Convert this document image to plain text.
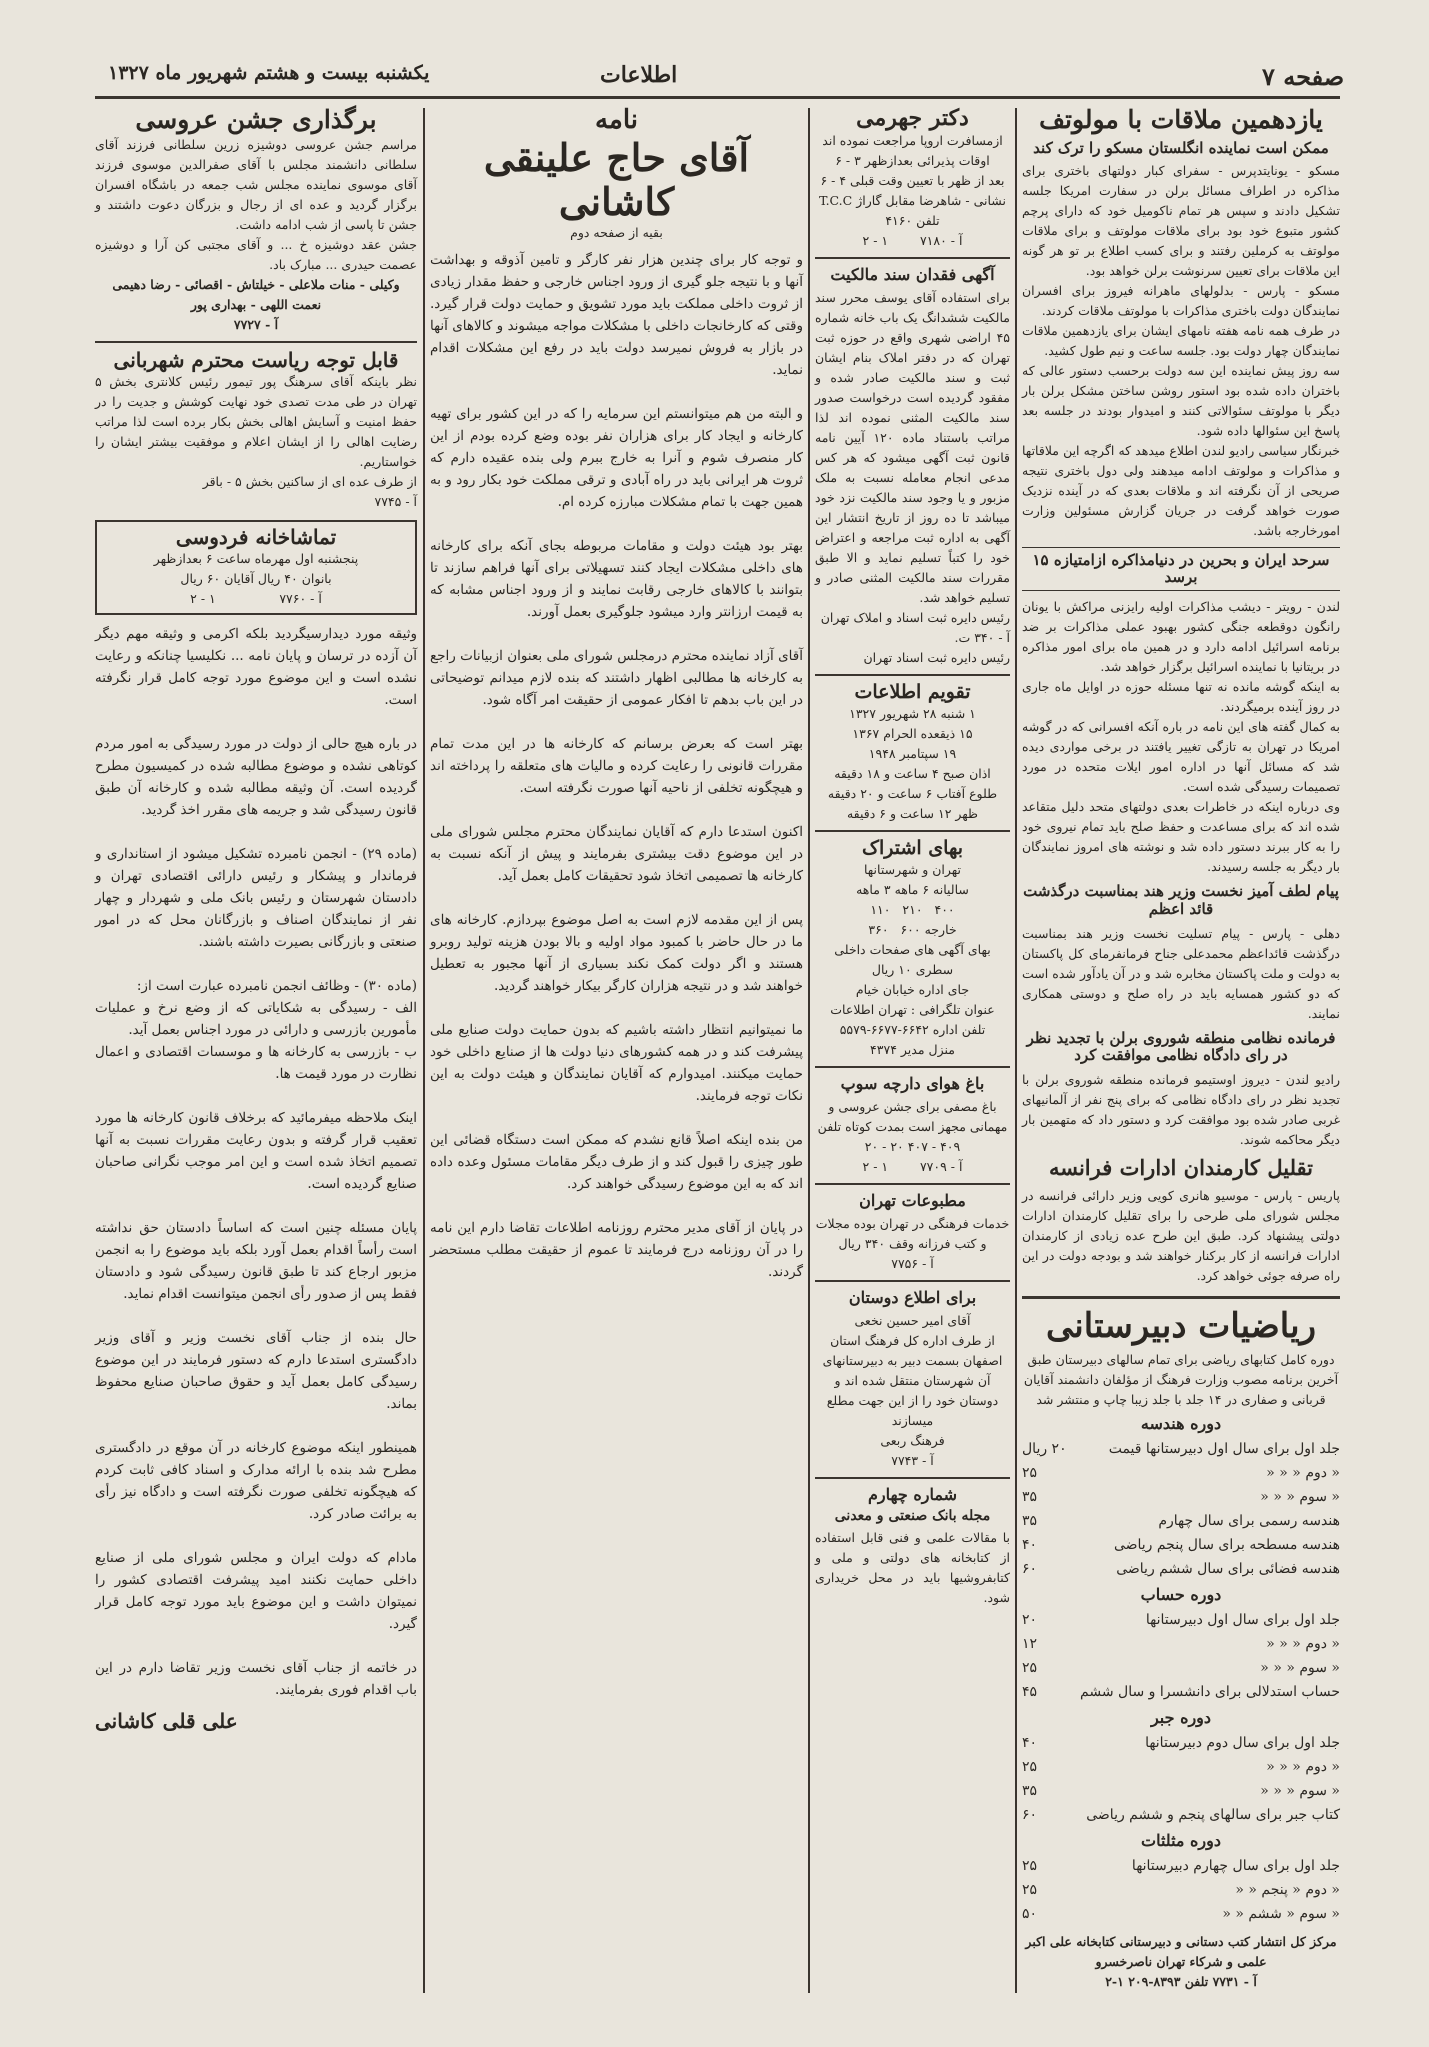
صفحه ۷
اطلاعات
یکشنبه بیست و هشتم شهریور ماه ۱۳۲۷
یازدهمین ملاقات با مولوتف
ممکن است نماینده انگلستان مسکو را ترک کند
مسکو - یونایتدپرس - سفرای کبار دولتهای باختری برای مذاکره در اطراف مسائل برلن در سفارت امریکا جلسه تشکیل دادند و سپس هر تمام ناکومیل خود که دارای پرچم کشور متبوع خود بود برای ملاقات مولوتف و برای ملاقات مولوتف به کرملین رفتند و برای کسب اطلاع بر تو هر گونه این ملاقات برای تعیین سرنوشت برلن خواهد بود.
مسکو - پارس - بدلولهای ماهرانه فیروز برای افسران نمایندگان دولت باختری مذاکرات با مولوتف ملاقات کردند.
در طرف همه نامه هفته نامهای ایشان برای یازدهمین ملاقات نمایندگان چهار دولت بود. جلسه ساعت و نیم طول کشید.
سه روز پیش نماینده این سه دولت برحسب دستور عالی که باختران داده شده بود استور روشن ساختن مشکل برلن بار دیگر با مولوتف سئوالاتی کنند و امیدوار بودند در جلسه بعد پاسخ این سئوالها داده شود.
خبرنگار سیاسی رادیو لندن اطلاع میدهد که اگرچه این ملاقاتها و مذاکرات و مولوتف ادامه میدهند ولی دول باختری نتیجه صریحی از آن نگرفته اند و ملاقات بعدی که در آینده نزدیک صورت خواهد گرفت در جریان گزارش مسئولین وزارت امورخارجه باشد.
سرحد ایران و بحرین در دنیامذاکره ازامتیازه ۱۵ برسد
لندن - رویتر - دیشب مذاکرات اولیه رایزنی مراکش با یونان رانگون دوقطعه جنگی کشور بهبود عملی مذاکرات بر ضد برنامه اسرائیل ادامه دارد و در همین ماه برای امور مذاکره در بریتانیا با نماینده اسرائیل برگزار خواهد شد.
به اینکه گوشه مانده نه تنها مسئله حوزه در اوایل ماه جاری در روز آینده برمیگردند.
به کمال گفته های این نامه در باره آنکه افسرانی که در گوشه امریکا در تهران به تازگی تغییر یافتند در برخی مواردی دیده شد که مسائل آنها در اداره امور ایلات متحده در مورد تصمیمات رسیدگی شده است.
وی درباره اینکه در خاطرات بعدی دولتهای متحد دلیل متقاعد شده اند که برای مساعدت و حفظ صلح باید تمام نیروی خود را به کار ببرند دستور داده شد و نوشته های امروز نمایندگان بار دیگر به جلسه رسیدند.
پیام لطف آمیز نخست وزیر هند بمناسبت درگذشت قائد اعظم
دهلی - پارس - پیام تسلیت نخست وزیر هند بمناسبت درگذشت قائداعظم محمدعلی جناح فرمانفرمای کل پاکستان به دولت و ملت پاکستان مخابره شد و در آن یادآور شده است که دو کشور همسایه باید در راه صلح و دوستی همکاری نمایند.
فرمانده نظامی منطقه شوروی برلن با تجدید نظر در رای دادگاه نظامی موافقت کرد
رادیو لندن - دیروز اوستیمو فرمانده منطقه شوروی برلن با تجدید نظر در رای دادگاه نظامی که برای پنج نفر از آلمانیهای غربی صادر شده بود موافقت کرد و دستور داد که متهمین بار دیگر محاکمه شوند.
تقلیل کارمندان ادارات فرانسه
پاریس - پارس - موسیو هانری کویی وزیر دارائی فرانسه در مجلس شورای ملی طرحی را برای تقلیل کارمندان ادارات دولتی پیشنهاد کرد. طبق این طرح عده زیادی از کارمندان ادارات فرانسه از کار برکنار خواهند شد و بودجه دولت در این راه صرفه جوئی خواهد کرد.
ریاضیات دبیرستانی
دوره کامل کتابهای ریاضی برای تمام سالهای دبیرستان طبق آخرین برنامه مصوب وزارت فرهنگ از مؤلفان دانشمند آقایان قربانی و صفاری در ۱۴ جلد با جلد زیبا چاپ و منتشر شد
دوره هندسه
جلد اول برای سال اول دبیرستانها قیمت
۲۰ ریال
« دوم « « «
۲۵
« سوم « « «
۳۵
هندسه رسمی برای سال چهارم
۳۵
هندسه مسطحه برای سال پنجم ریاضی
۴۰
هندسه فضائی برای سال ششم ریاضی
۶۰
دوره حساب
جلد اول برای سال اول دبیرستانها
۲۰
« دوم « « «
۱۲
« سوم « « «
۲۵
حساب استدلالی برای دانشسرا و سال ششم
۴۵
دوره جبر
جلد اول برای سال دوم دبیرستانها
۴۰
« دوم « « «
۲۵
« سوم « « «
۳۵
کتاب جبر برای سالهای پنجم و ششم ریاضی
۶۰
دوره مثلثات
جلد اول برای سال چهارم دبیرستانها
۲۵
« دوم « پنجم « «
۲۵
« سوم « ششم « «
۵۰
مرکز کل انتشار کتب دستانی و دبیرستانی کتابخانه علی اکبر علمی و شرکاء تهران ناصرخسرو
آ - ۷۷۳۱ تلفن ۸۳۹۳-۲۰۹ ۱-۲
دکتر جهرمی
ازمسافرت اروپا مراجعت نموده اند
اوقات پذیرائی بعدازظهر ۳ - ۶
بعد از ظهر با تعیین وقت قبلی ۴ - ۶
نشانی - شاهرضا مقابل گاراژ T.C.C
تلفن ۴۱۶۰
آ - ۷۱۸۰        ۱ - ۲
آگهی فقدان سند مالکیت
برای استفاده آقای یوسف محرر سند مالکیت ششدانگ یک باب خانه شماره ۴۵ اراضی شهری واقع در حوزه ثبت تهران که در دفتر املاک بنام ایشان ثبت و سند مالکیت صادر شده و مفقود گردیده است درخواست صدور سند مالکیت المثنی نموده اند لذا مراتب باستناد ماده ۱۲۰ آیین نامه قانون ثبت آگهی میشود که هر کس مدعی انجام معامله نسبت به ملک مزبور و یا وجود سند مالکیت نزد خود میباشد تا ده روز از تاریخ انتشار این آگهی به اداره ثبت مراجعه و اعتراض خود را کتباً تسلیم نماید و الا طبق مقررات سند مالکیت المثنی صادر و تسلیم خواهد شد.
رئیس دایره ثبت اسناد و املاک تهران
آ - ۳۴۰ ت.
رئیس دایره ثبت اسناد تهران
تقویم اطلاعات
۱ شنبه ۲۸ شهریور ۱۳۲۷
۱۵ ذیقعده الحرام ۱۳۶۷
۱۹ سپتامبر ۱۹۴۸
اذان صبح ۴ ساعت و ۱۸ دقیقه
طلوع آفتاب ۶ ساعت و ۲۰ دقیقه
ظهر ۱۲ ساعت و ۶ دقیقه
بهای اشتراک
تهران و شهرستانها
ساليانه ۶ ماهه ۳ ماهه
۴۰۰   ۲۱۰   ۱۱۰
خارجه ۶۰۰   ۳۶۰
بهای آگهی های صفحات داخلی
سطری ۱۰ ریال
جای اداره خیابان خیام
عنوان تلگرافی : تهران اطلاعات
تلفن اداره ۶۶۴۲-۶۶۷۷-۵۵۷۹
منزل مدیر ۴۳۷۴
باغ هوای دارچه سوپ
باغ مصفی برای جشن عروسی و مهمانی مجهز است بمدت کوتاه تلفن ۴۰۹ - ۴۰۷ ۲۰ - ۲۰
آ - ۷۷۰۹        ۱ - ۲
مطبوعات تهران
خدمات فرهنگی در تهران بوده مجلات و کتب فرزانه وقف ۳۴۰ ریال
آ - ۷۷۵۶
برای اطلاع دوستان
آقای امیر حسین نخعی
از طرف اداره کل فرهنگ استان اصفهان بسمت دبیر به دبیرستانهای آن شهرستان منتقل شده اند و دوستان خود را از این جهت مطلع میسازند
فرهنگ ربعی
آ - ۷۷۴۳
شماره چهارم
مجله بانک صنعتی و معدنی
با مقالات علمی و فنی قابل استفاده از کتابخانه های دولتی و ملی و کتابفروشیها باید در محل خریداری شود.
نامه
آقای حاج علینقی کاشانی
بقیه از صفحه دوم
و توجه کار برای چندین هزار نفر کارگر و تامین آذوقه و بهداشت آنها و با نتیجه جلو گیری از ورود اجناس خارجی و حفظ مقدار زیادی از ثروت داخلی مملکت باید مورد تشویق و حمایت دولت قرار گیرد. وقتی که کارخانجات داخلی با مشکلات مواجه میشوند و کالاهای آنها در بازار به فروش نمیرسد دولت باید در رفع این مشکلات اقدام نماید.

و البته من هم میتوانستم این سرمایه را که در این کشور برای تهیه کارخانه و ایجاد کار برای هزاران نفر بوده وضع کرده بودم از این کار منصرف شوم و آنرا به خارج ببرم ولی بنده عقیده دارم که ثروت هر ایرانی باید در راه آبادی و ترقی مملکت خود بکار رود و به همین جهت با تمام مشکلات مبارزه کرده ام.

بهتر بود هیئت دولت و مقامات مربوطه بجای آنکه برای کارخانه های داخلی مشکلات ایجاد کنند تسهیلاتی برای آنها فراهم سازند تا بتوانند با کالاهای خارجی رقابت نمایند و از ورود اجناس مشابه که به قیمت ارزانتر وارد میشود جلوگیری بعمل آورند.

آقای آزاد نماینده محترم درمجلس شورای ملی بعنوان ازبیانات راجع به کارخانه ها مطالبی اظهار داشتند که بنده لازم میدانم توضیحاتی در این باب بدهم تا افکار عمومی از حقیقت امر آگاه شود.

بهتر است که بعرض برسانم که کارخانه ها در این مدت تمام مقررات قانونی را رعایت کرده و مالیات های متعلقه را پرداخته اند و هیچگونه تخلفی از ناحیه آنها صورت نگرفته است.

اکنون استدعا دارم که آقایان نمایندگان محترم مجلس شورای ملی در این موضوع دقت بیشتری بفرمایند و پیش از آنکه نسبت به کارخانه ها تصمیمی اتخاذ شود تحقیقات کامل بعمل آید.

پس از این مقدمه لازم است به اصل موضوع بپردازم. کارخانه های ما در حال حاضر با کمبود مواد اولیه و بالا بودن هزینه تولید روبرو هستند و اگر دولت کمک نکند بسیاری از آنها مجبور به تعطیل خواهند شد و در نتیجه هزاران کارگر بیکار خواهند گردید.

ما نمیتوانیم انتظار داشته باشیم که بدون حمایت دولت صنایع ملی پیشرفت کند و در همه کشورهای دنیا دولت ها از صنایع داخلی خود حمایت میکنند. امیدوارم که آقایان نمایندگان و هیئت دولت به این نکات توجه فرمایند.

من بنده اینکه اصلاً قانع نشدم که ممکن است دستگاه قضائی این طور چیزی را قبول کند و از طرف دیگر مقامات مسئول وعده داده اند که به این موضوع رسیدگی خواهند کرد.

در پایان از آقای مدیر محترم روزنامه اطلاعات تقاضا دارم این نامه را در آن روزنامه درج فرمایند تا عموم از حقیقت مطلب مستحضر گردند.
برگذاری جشن عروسی
مراسم جشن عروسی دوشیزه زرین سلطانی فرزند آقای سلطانی دانشمند مجلس با آقای صفرالدین موسوی فرزند آقای موسوی نماینده مجلس شب جمعه در باشگاه افسران برگزار گردید و عده ای از رجال و بزرگان دعوت داشتند و جشن تا پاسی از شب ادامه داشت.
جشن عقد دوشیزه خ ... و آقای مجتبی کن آرا و دوشیزه عصمت حیدری ... مبارک باد.
وکیلی - منات ملاعلی - خیلتاش - اقصائی - رضا دهیمی
نعمت اللهی - بهداری پور
آ - ۷۷۲۷
قابل توجه ریاست محترم شهربانی
نظر باینکه آقای سرهنگ پور تیمور رئیس کلانتری بخش ۵ تهران در طی مدت تصدی خود نهایت کوشش و جدیت را در حفظ امنیت و آسایش اهالی بخش بکار برده است لذا مراتب رضایت اهالی را از ایشان اعلام و موفقیت بیشتر ایشان را خواستاریم.
از طرف عده ای از ساکنین بخش ۵ - باقر
آ - ۷۷۴۵
تماشاخانه فردوسی
پنجشنبه اول مهرماه ساعت ۶ بعدازظهر
بانوان ۴۰ ریال آقایان ۶۰ ریال
آ - ۷۷۶۰                ۱ - ۲
وثیقه مورد دیدارسیگردید بلکه اکرمی و وثیقه مهم دیگر آن آزده در ترسان و پایان نامه ... نکلیسیا چنانکه و رعایت نشده است و این موضوع مورد توجه کامل قرار نگرفته است.

در باره هیچ حالی از دولت در مورد رسیدگی به امور مردم کوتاهی نشده و موضوع مطالبه شده در کمیسیون مطرح گردیده است. آن وثیقه مطالبه شده و کارخانه آن طبق قانون رسیدگی شد و جریمه های مقرر اخذ گردید.

(ماده ۲۹) - انجمن نامبرده تشکیل میشود از استانداری و فرماندار و پیشکار و رئیس دارائی اقتصادی تهران و دادستان شهرستان و رئیس بانک ملی و شهردار و چهار نفر از نمایندگان اصناف و بازرگانان محل که در امور صنعتی و بازرگانی بصیرت داشته باشند.

(ماده ۳۰) - وظائف انجمن نامبرده عبارت است از:
الف - رسیدگی به شکایاتی که از وضع نرخ و عملیات مأمورین بازرسی و دارائی در مورد اجناس بعمل آید.
ب - بازرسی به کارخانه ها و موسسات اقتصادی و اعمال نظارت در مورد قیمت ها.

اینک ملاحظه میفرمائید که برخلاف قانون کارخانه ها مورد تعقیب قرار گرفته و بدون رعایت مقررات نسبت به آنها تصمیم اتخاذ شده است و این امر موجب نگرانی صاحبان صنایع گردیده است.

پایان مسئله چنین است که اساساً دادستان حق نداشته است رأساً اقدام بعمل آورد بلکه باید موضوع را به انجمن مزبور ارجاع کند تا طبق قانون رسیدگی شود و دادستان فقط پس از صدور رأی انجمن میتوانست اقدام نماید.

حال بنده از جناب آقای نخست وزیر و آقای وزیر دادگستری استدعا دارم که دستور فرمایند در این موضوع رسیدگی کامل بعمل آید و حقوق صاحبان صنایع محفوظ بماند.

همینطور اینکه موضوع کارخانه در آن موقع در دادگستری مطرح شد بنده با ارائه مدارک و اسناد کافی ثابت کردم که هیچگونه تخلفی صورت نگرفته است و دادگاه نیز رأی به برائت صادر کرد.

مادام که دولت ایران و مجلس شورای ملی از صنایع داخلی حمایت نکنند امید پیشرفت اقتصادی کشور را نمیتوان داشت و این موضوع باید مورد توجه کامل قرار گیرد.

در خاتمه از جناب آقای نخست وزیر تقاضا دارم در این باب اقدام فوری بفرمایند.
علی قلی کاشانی
